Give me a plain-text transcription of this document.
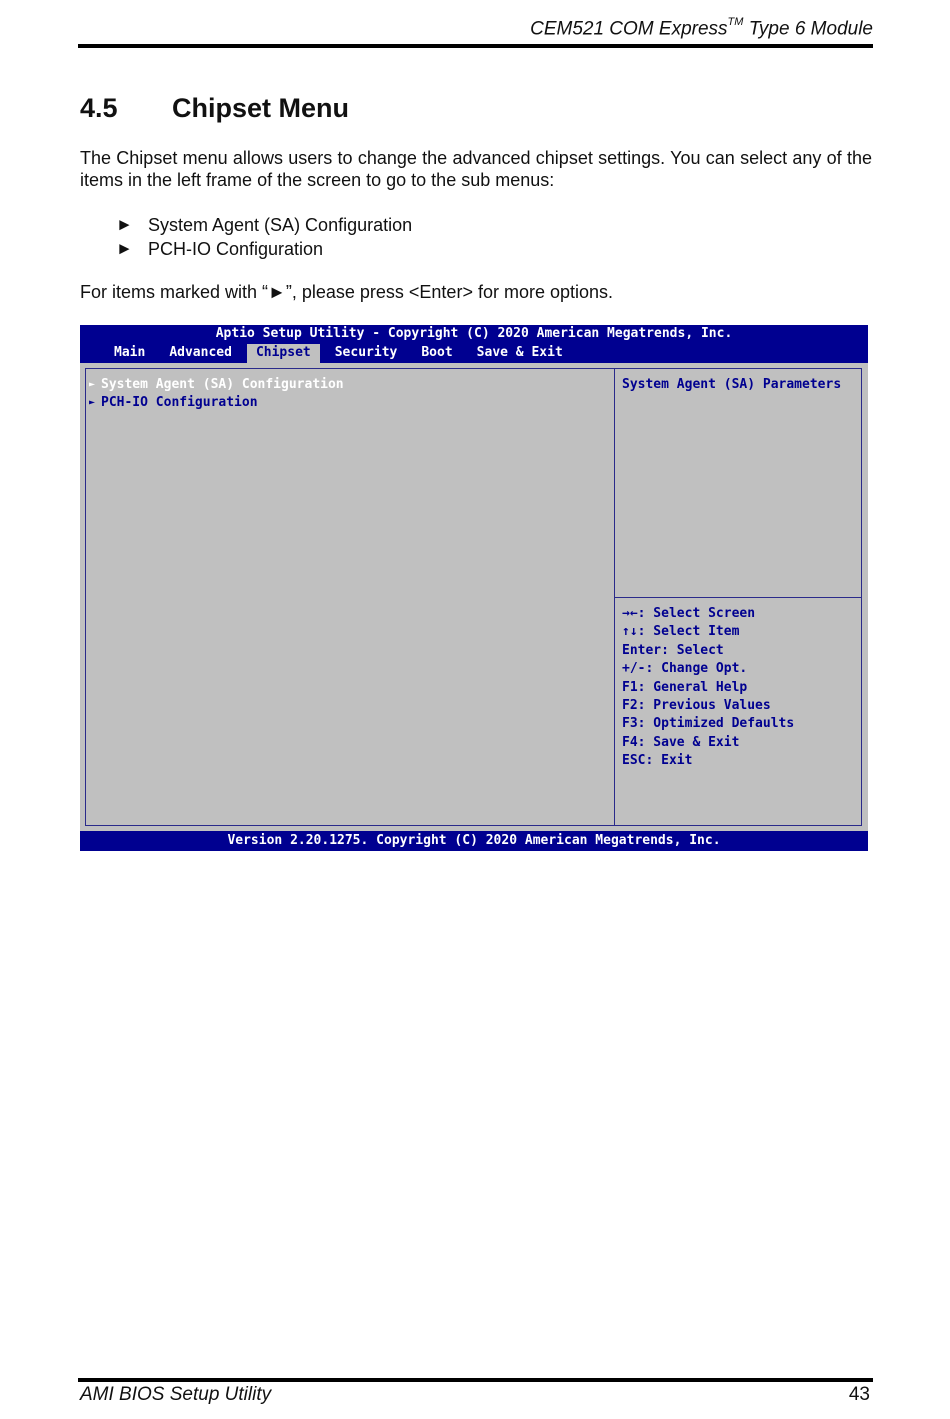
CEM521 COM Express™ Type 6 Module
4.5 Chipset Menu
The Chipset menu allows users to change the advanced chipset settings. You can select any of the items in the left frame of the screen to go to the sub menus:
► System Agent (SA) Configuration
► PCH-IO Configuration
For items marked with “►”, please press <Enter> for more options.
Aptio Setup Utility - Copyright (C) 2020 American Megatrends, Inc.
Main	Advanced	Chipset	Security	Boot	Save & Exit
► System Agent (SA) Configuration
► PCH-IO Configuration
System Agent (SA) Parameters
→←: Select Screen
↑↓: Select Item
Enter: Select
+/-: Change Opt.
F1: General Help
F2: Previous Values
F3: Optimized Defaults
F4: Save & Exit
ESC: Exit
Version 2.20.1275. Copyright (C) 2020 American Megatrends, Inc.
AMI BIOS Setup Utility	43
